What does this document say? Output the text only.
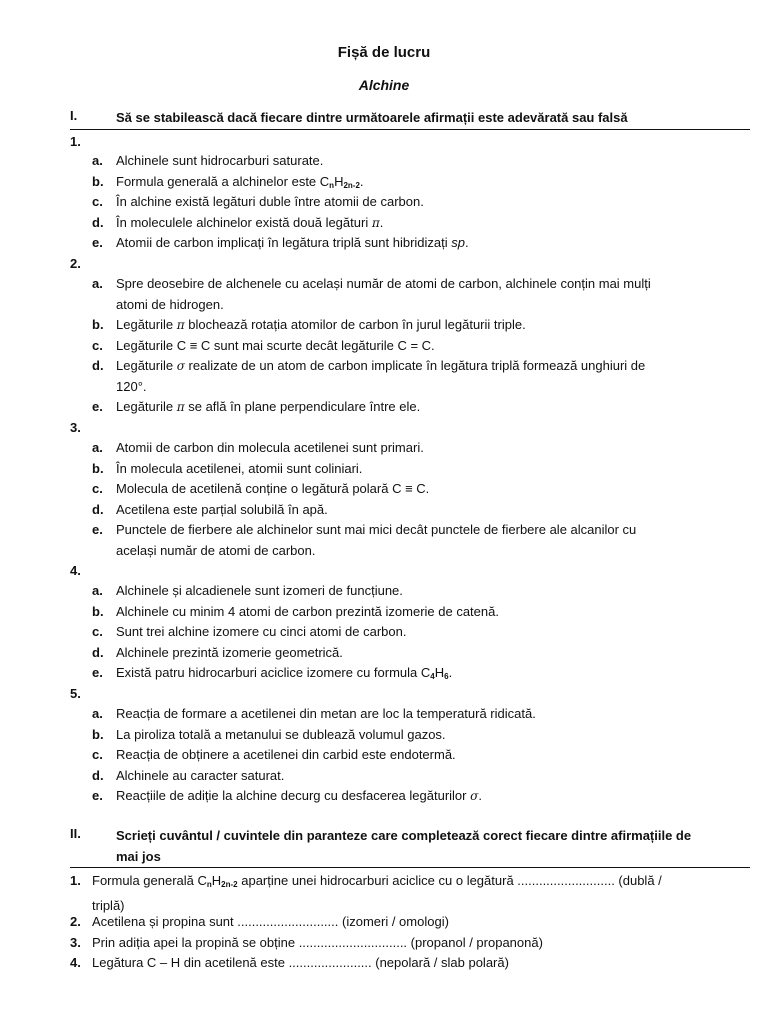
Fișă de lucru
Alchine
I.	Să se stabilească dacă fiecare dintre următoarele afirmații este adevărată sau falsă
1.
a. Alchinele sunt hidrocarburi saturate.
b. Formula generală a alchinelor este $C_nH_{2n-2}$.
c. În alchine există legături duble între atomii de carbon.
d. În moleculele alchinelor există două legături π.
e. Atomii de carbon implicați în legătura triplă sunt hibridizați sp.
2.
a. Spre deosebire de alchenele cu același număr de atomi de carbon, alchinele conțin mai mulți
atomi de hidrogen.
b. Legăturile π blochează rotația atomilor de carbon în jurul legăturii triple.
c. Legăturile C ≡ C sunt mai scurte decât legăturile C = C.
d. Legăturile σ realizate de un atom de carbon implicate în legătura triplă formează unghiuri de
120°.
e. Legăturile π se află în plane perpendiculare între ele.
3.
a. Atomii de carbon din molecula acetilenei sunt primari.
b. În molecula acetilenei, atomii sunt coliniari.
c. Molecula de acetilenă conține o legătură polară C ≡ C.
d. Acetilena este parțial solubilă în apă.
e. Punctele de fierbere ale alchinelor sunt mai mici decât punctele de fierbere ale alcanilor cu
același număr de atomi de carbon.
4.
a. Alchinele și alcadienele sunt izomeri de funcțiune.
b. Alchinele cu minim 4 atomi de carbon prezintă izomerie de catenă.
c. Sunt trei alchine izomere cu cinci atomi de carbon.
d. Alchinele prezintă izomerie geometrică.
e. Există patru hidrocarburi aciclice izomere cu formula $C_4H_6$.
5.
a. Reacția de formare a acetilenei din metan are loc la temperatură ridicată.
b. La piroliza totală a metanului se dublează volumul gazos.
c. Reacția de obținere a acetilenei din carbid este endotermă.
d. Alchinele au caracter saturat.
e. Reacțiile de adiție la alchine decurg cu desfacerea legăturilor σ.
II.	Scrieți cuvântul / cuvintele din paranteze care completează corect fiecare dintre afirmațiile de
mai jos
1. Formula generală $C_nH_{2n-2}$ aparține unei hidrocarburi aciclice cu o legătură ........................... (dublă /
triplă)
2. Acetilena și propina sunt ............................ (izomeri / omologi)
3. Prin adiția apei la propină se obține .............................. (propanol / propanonă)
4. Legătura C – H din acetilenă este ....................... (nepolară / slab polară)
